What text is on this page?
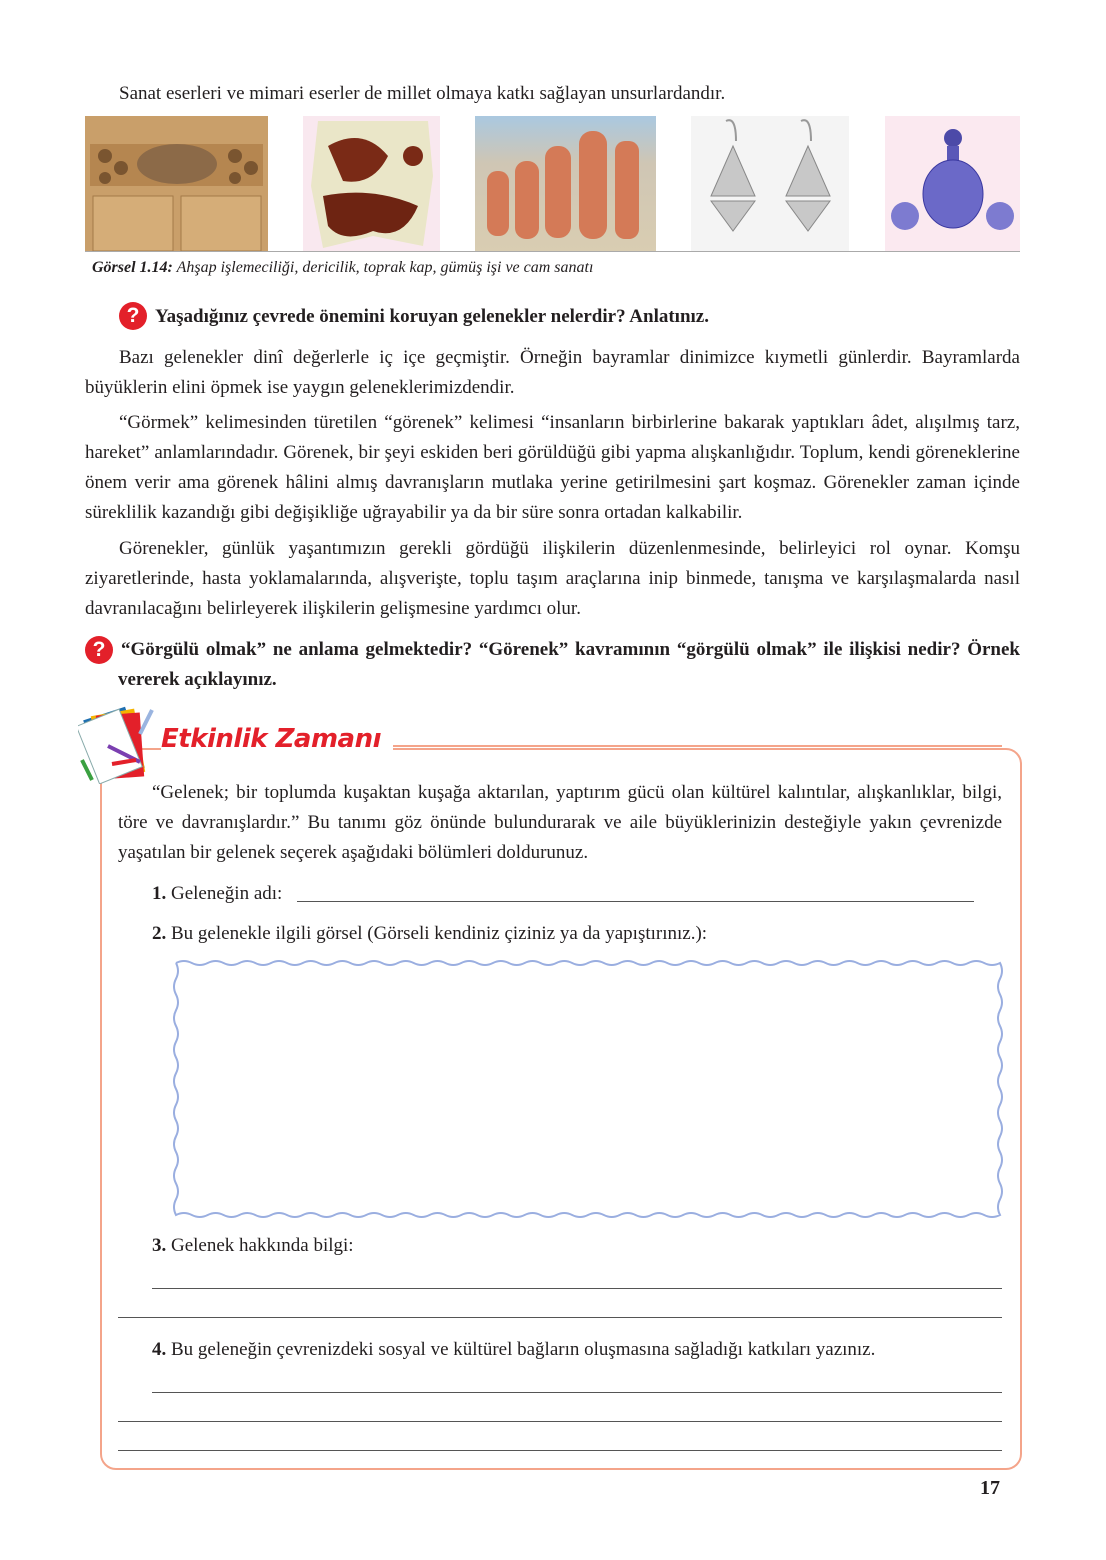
Sanat eserleri ve mimari eserler de millet olmaya katkı sağlayan unsurlardandır.
Görsel 1.14: Ahşap işlemeciliği, dericilik, toprak kap, gümüş işi ve cam sanatı
? Yaşadığınız çevrede önemini koruyan gelenekler nelerdir? Anlatınız.
Bazı gelenekler dinî değerlerle iç içe geçmiştir. Örneğin bayramlar dinimizce kıymetli günlerdir. Bayramlarda büyüklerin elini öpmek ise yaygın geleneklerimizdendir.
“Görmek” kelimesinden türetilen “görenek” kelimesi “insanların birbirlerine bakarak yaptıkları âdet, alışılmış tarz, hareket” anlamlarındadır. Görenek, bir şeyi eskiden beri görüldüğü gibi yapma alışkanlığıdır. Toplum, kendi göreneklerine önem verir ama görenek hâlini almış davranışların mutlaka yerine getirilmesini şart koşmaz. Görenekler zaman içinde süreklilik kazandığı gibi değişikliğe uğrayabilir ya da bir süre sonra ortadan kalkabilir.
Görenekler, günlük yaşantımızın gerekli gördüğü ilişkilerin düzenlenmesinde, belirleyici rol oynar. Komşu ziyaretlerinde, hasta yoklamalarında, alışverişte, toplu taşım araçlarına inip binmede, tanışma ve karşılaşmalarda nasıl davranılacağını belirleyerek ilişkilerin gelişmesine yardımcı olur.
? “Görgülü olmak” ne anlama gelmektedir? “Görenek” kavramının “görgülü olmak” ile ilişkisi nedir? Örnek vererek açıklayınız.
Etkinlik Zamanı
“Gelenek; bir toplumda kuşaktan kuşağa aktarılan, yaptırım gücü olan kültürel kalıntılar, alışkanlıklar, bilgi, töre ve davranışlardır.” Bu tanımı göz önünde bulundurarak ve aile büyüklerinizin desteğiyle yakın çevrenizde yaşatılan bir gelenek seçerek aşağıdaki bölümleri doldurunuz.
1. Geleneğin adı:
2. Bu gelenekle ilgili görsel (Görseli kendiniz çiziniz ya da yapıştırınız.):
3. Gelenek hakkında bilgi:
4. Bu geleneğin çevrenizdeki sosyal ve kültürel bağların oluşmasına sağladığı katkıları yazınız.
17
